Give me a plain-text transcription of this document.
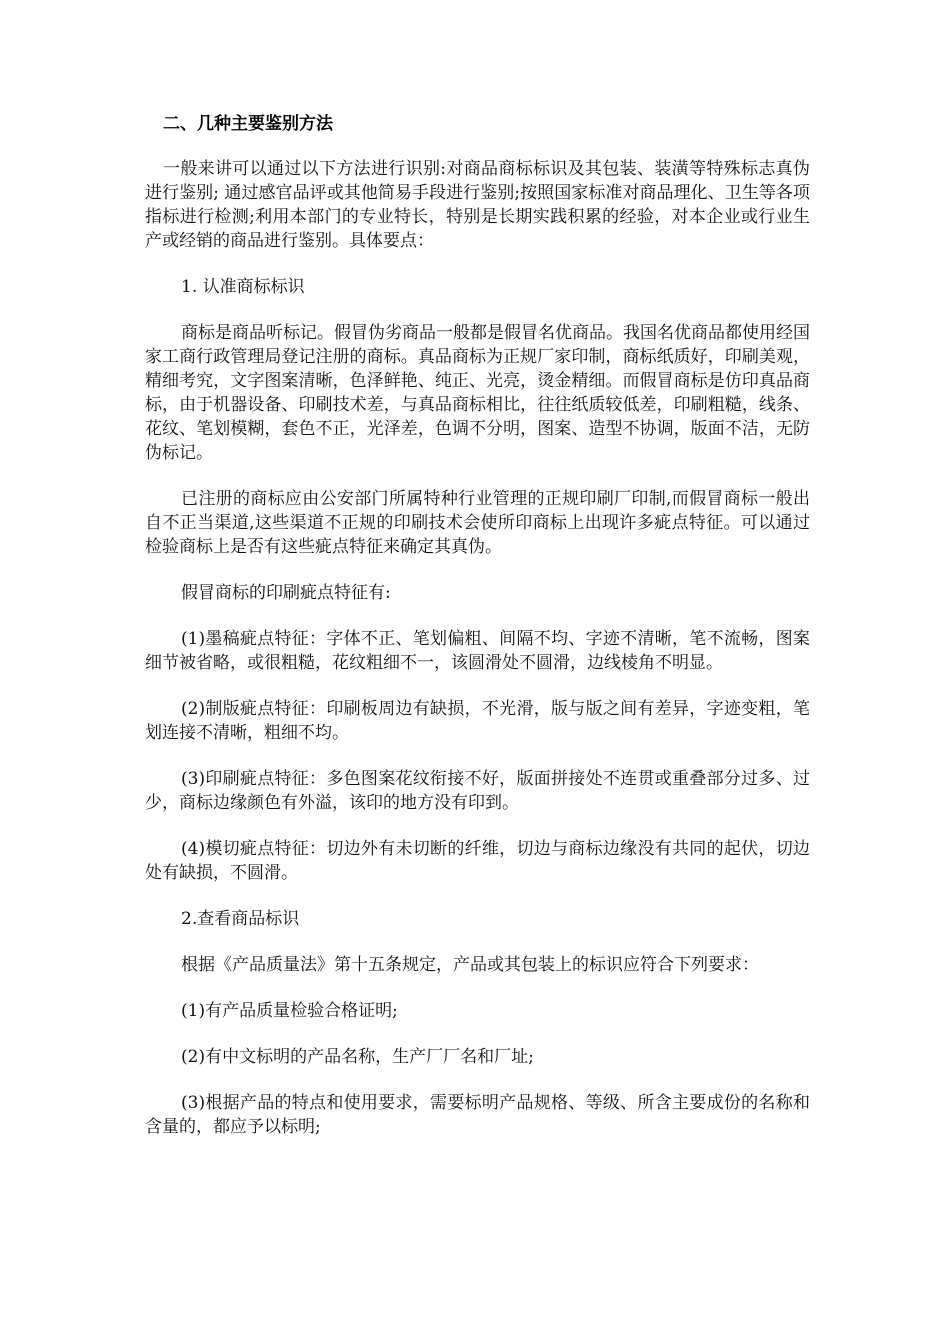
二、几种主要鉴别方法

一般来讲可以通过以下方法进行识别:对商品商标标识及其包装、装潢等特殊标志真伪进行鉴别; 通过感官品评或其他简易手段进行鉴别;按照国家标准对商品理化、卫生等各项指标进行检测;利用本部门的专业特长，特别是长期实践积累的经验，对本企业或行业生产或经销的商品进行鉴别。具体要点：

1. 认准商标标识

商标是商品听标记。假冒伪劣商品一般都是假冒名优商品。我国名优商品都使用经国家工商行政管理局登记注册的商标。真品商标为正规厂家印制，商标纸质好，印刷美观，精细考究，文字图案清晰，色泽鲜艳、纯正、光亮，烫金精细。而假冒商标是仿印真品商标，由于机器设备、印刷技术差，与真品商标相比，往往纸质较低差，印刷粗糙，线条、花纹、笔划模糊，套色不正，光泽差，色调不分明，图案、造型不协调，版面不洁，无防伪标记。

已注册的商标应由公安部门所属特种行业管理的正规印刷厂印制,而假冒商标一般出自不正当渠道,这些渠道不正规的印刷技术会使所印商标上出现许多疵点特征。可以通过检验商标上是否有这些疵点特征来确定其真伪。

假冒商标的印刷疵点特征有:

(1)墨稿疵点特征：字体不正、笔划偏粗、间隔不均、字迹不清晰，笔不流畅，图案细节被省略，或很粗糙，花纹粗细不一，该圆滑处不圆滑，边线棱角不明显。

(2)制版疵点特征：印刷板周边有缺损，不光滑，版与版之间有差异，字迹变粗，笔划连接不清晰，粗细不均。

(3)印刷疵点特征：多色图案花纹衔接不好，版面拼接处不连贯或重叠部分过多、过少，商标边缘颜色有外溢，该印的地方没有印到。

(4)模切疵点特征：切边外有未切断的纤维，切边与商标边缘没有共同的起伏，切边处有缺损，不圆滑。

2.查看商品标识

根据《产品质量法》第十五条规定，产品或其包装上的标识应符合下列要求：

(1)有产品质量检验合格证明;

(2)有中文标明的产品名称，生产厂厂名和厂址;

(3)根据产品的特点和使用要求，需要标明产品规格、等级、所含主要成份的名称和含量的，都应予以标明;
